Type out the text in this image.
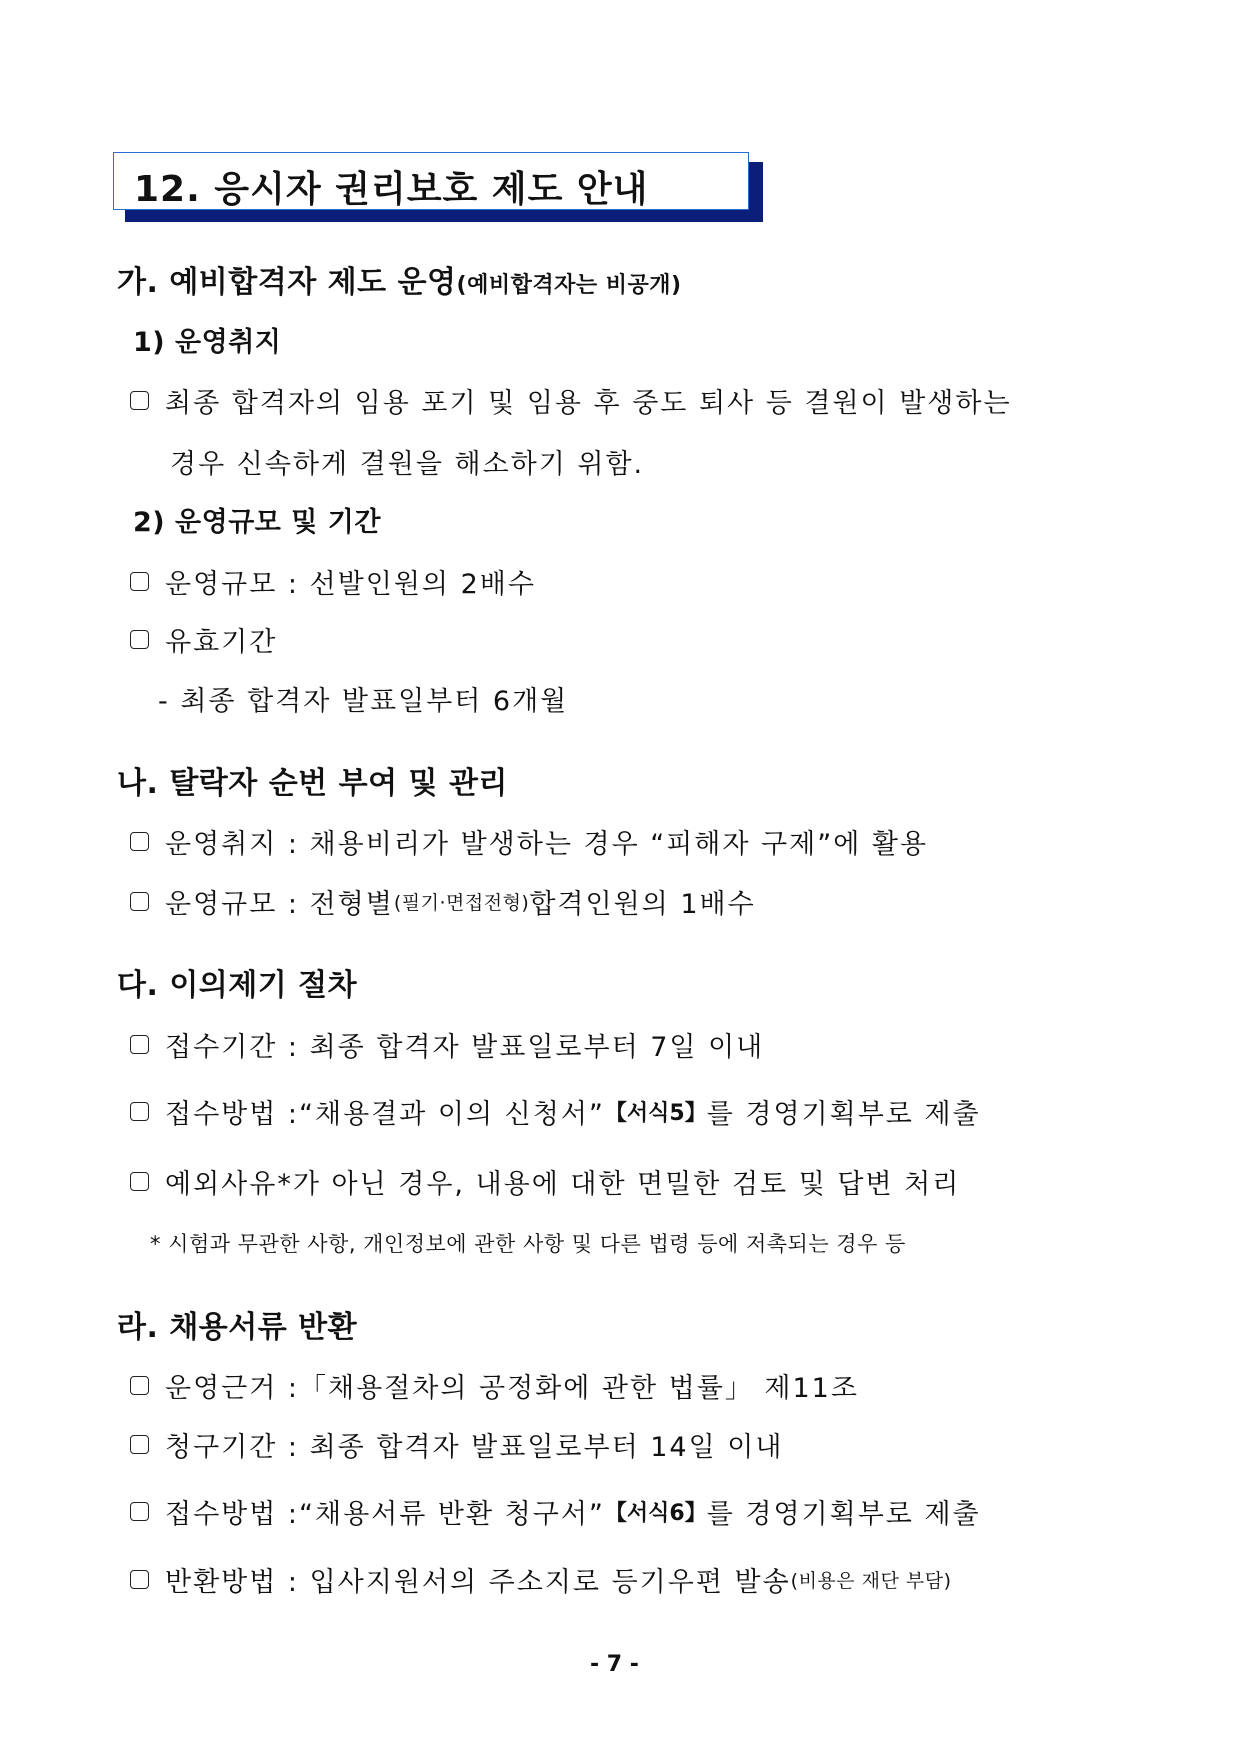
12. 응시자 권리보호 제도 안내
가. 예비합격자 제도 운영(예비합격자는 비공개)
1) 운영취지
최종 합격자의 임용 포기 및 임용 후 중도 퇴사 등 결원이 발생하는
경우 신속하게 결원을 해소하기 위함.
2) 운영규모 및 기간
운영규모 : 선발인원의 2배수
유효기간
- 최종 합격자 발표일부터 6개월
나. 탈락자 순번 부여 및 관리
운영취지 : 채용비리가 발생하는 경우 “피해자 구제”에 활용
운영규모 : 전형별 (필기·면접전형) 합격인원의 1배수
다. 이의제기 절차
접수기간 : 최종 합격자 발표일로부터 7일 이내
접수방법 :“채용결과 이의 신청서” 【서식5】 를 경영기획부로 제출
예외사유*가 아닌 경우, 내용에 대한 면밀한 검토 및 답변 처리
* 시험과 무관한 사항, 개인정보에 관한 사항 및 다른 법령 등에 저촉되는 경우 등
라. 채용서류 반환
운영근거 :「채용절차의 공정화에 관한 법률」 제11조
청구기간 : 최종 합격자 발표일로부터 14일 이내
접수방법 :“채용서류 반환 청구서” 【서식6】 를 경영기획부로 제출
반환방법 : 입사지원서의 주소지로 등기우편 발송 (비용은 재단 부담)
- 7 -
